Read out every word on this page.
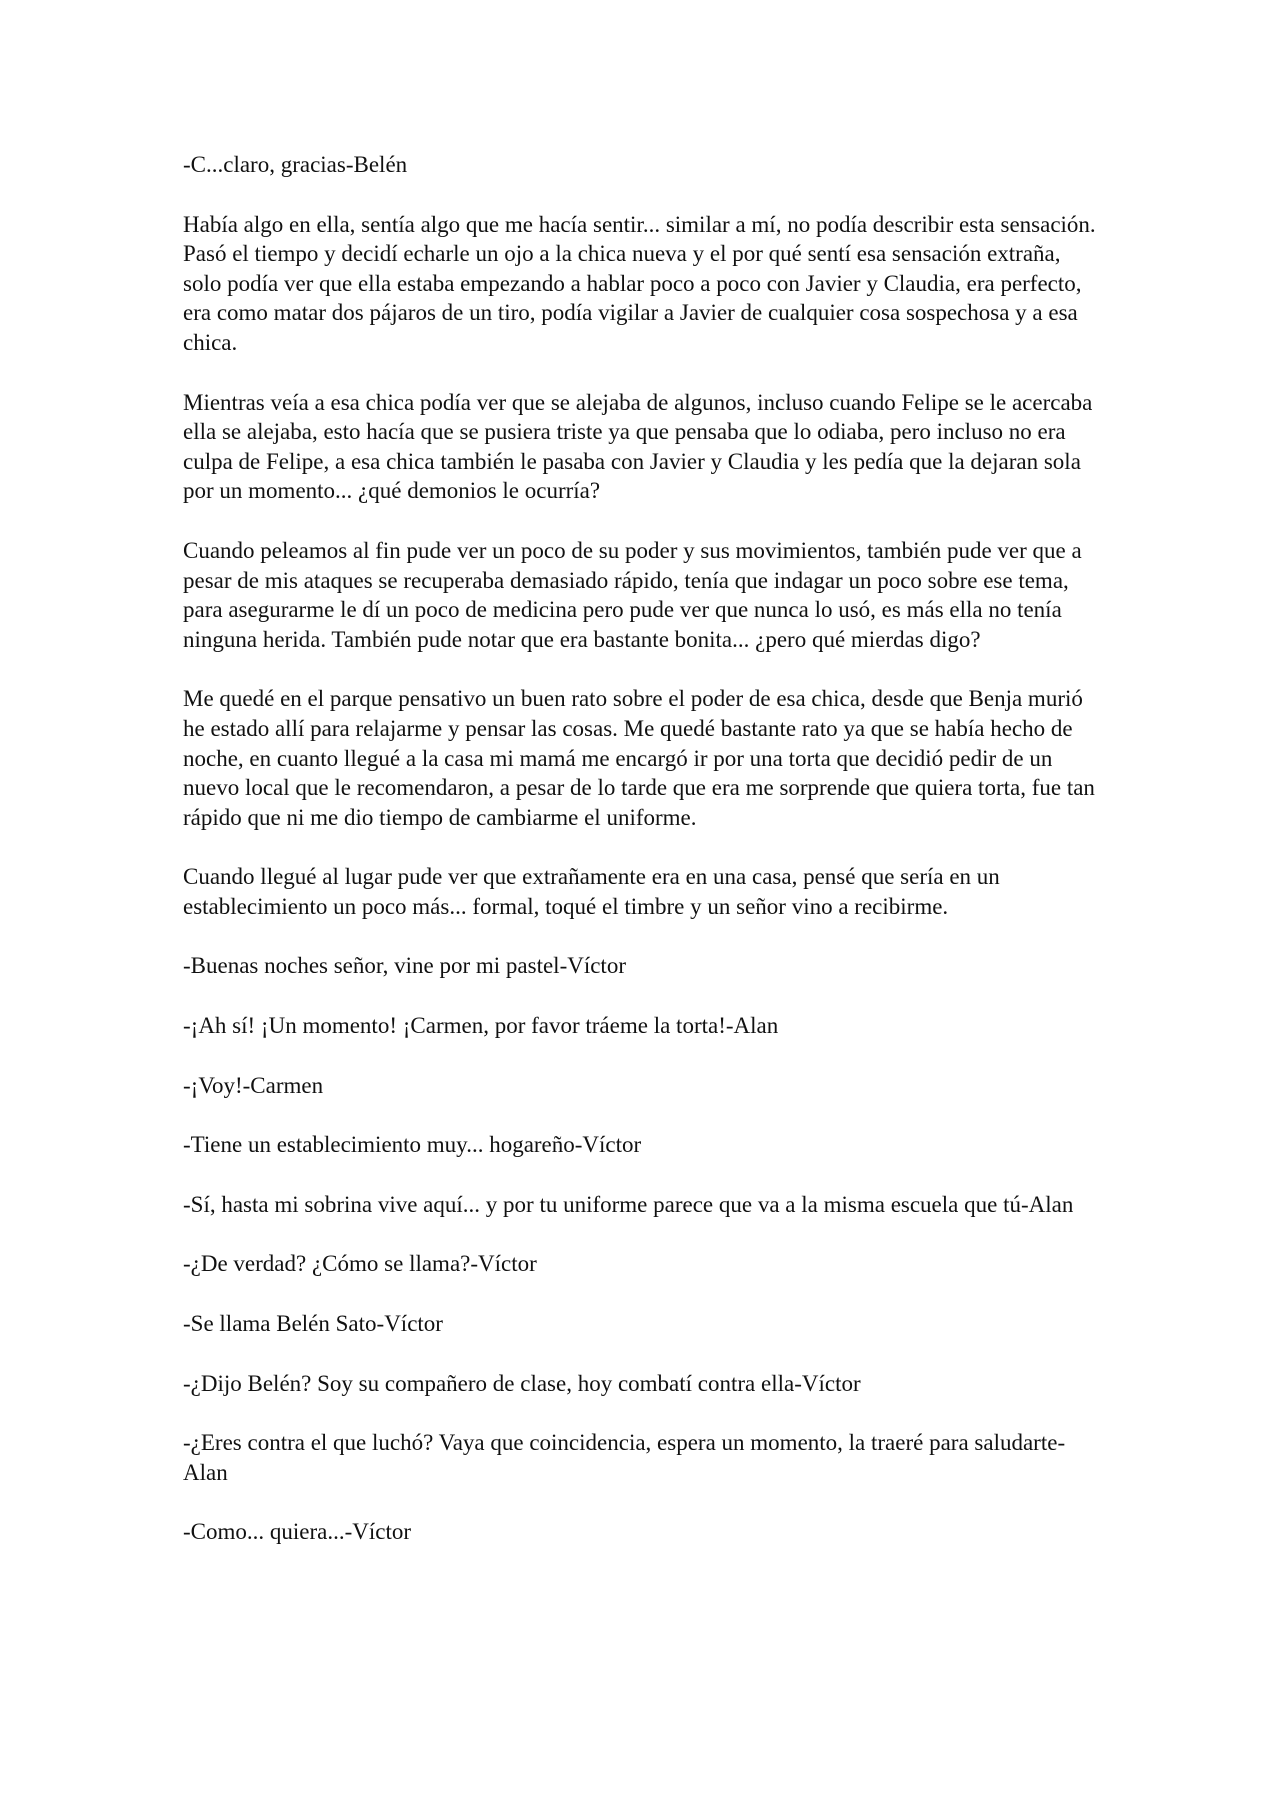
-C...claro, gracias-Belén

Había algo en ella, sentía algo que me hacía sentir... similar a mí, no podía describir esta sensación. Pasó el tiempo y decidí echarle un ojo a la chica nueva y el por qué sentí esa sensación extraña, solo podía ver que ella estaba empezando a hablar poco a poco con Javier y Claudia, era perfecto, era como matar dos pájaros de un tiro, podía vigilar a Javier de cualquier cosa sospechosa y a esa chica.

Mientras veía a esa chica podía ver que se alejaba de algunos, incluso cuando Felipe se le acercaba ella se alejaba, esto hacía que se pusiera triste ya que pensaba que lo odiaba, pero incluso no era culpa de Felipe, a esa chica también le pasaba con Javier y Claudia y les pedía que la dejaran sola por un momento... ¿qué demonios le ocurría?

Cuando peleamos al fin pude ver un poco de su poder y sus movimientos, también pude ver que a pesar de mis ataques se recuperaba demasiado rápido, tenía que indagar un poco sobre ese tema, para asegurarme le dí un poco de medicina pero pude ver que nunca lo usó, es más ella no tenía ninguna herida. También pude notar que era bastante bonita... ¿pero qué mierdas digo?

Me quedé en el parque pensativo un buen rato sobre el poder de esa chica, desde que Benja murió he estado allí para relajarme y pensar las cosas. Me quedé bastante rato ya que se había hecho de noche, en cuanto llegué a la casa mi mamá me encargó ir por una torta que decidió pedir de un nuevo local que le recomendaron, a pesar de lo tarde que era me sorprende que quiera torta, fue tan rápido que ni me dio tiempo de cambiarme el uniforme.

Cuando llegué al lugar pude ver que extrañamente era en una casa, pensé que sería en un establecimiento un poco más... formal, toqué el timbre y un señor vino a recibirme.

-Buenas noches señor, vine por mi pastel-Víctor

-¡Ah sí! ¡Un momento! ¡Carmen, por favor tráeme la torta!-Alan

-¡Voy!-Carmen

-Tiene un establecimiento muy... hogareño-Víctor

-Sí, hasta mi sobrina vive aquí... y por tu uniforme parece que va a la misma escuela que tú-Alan

-¿De verdad? ¿Cómo se llama?-Víctor

-Se llama Belén Sato-Víctor

-¿Dijo Belén? Soy su compañero de clase, hoy combatí contra ella-Víctor

-¿Eres contra el que luchó? Vaya que coincidencia, espera un momento, la traeré para saludarte-Alan

-Como... quiera...-Víctor
